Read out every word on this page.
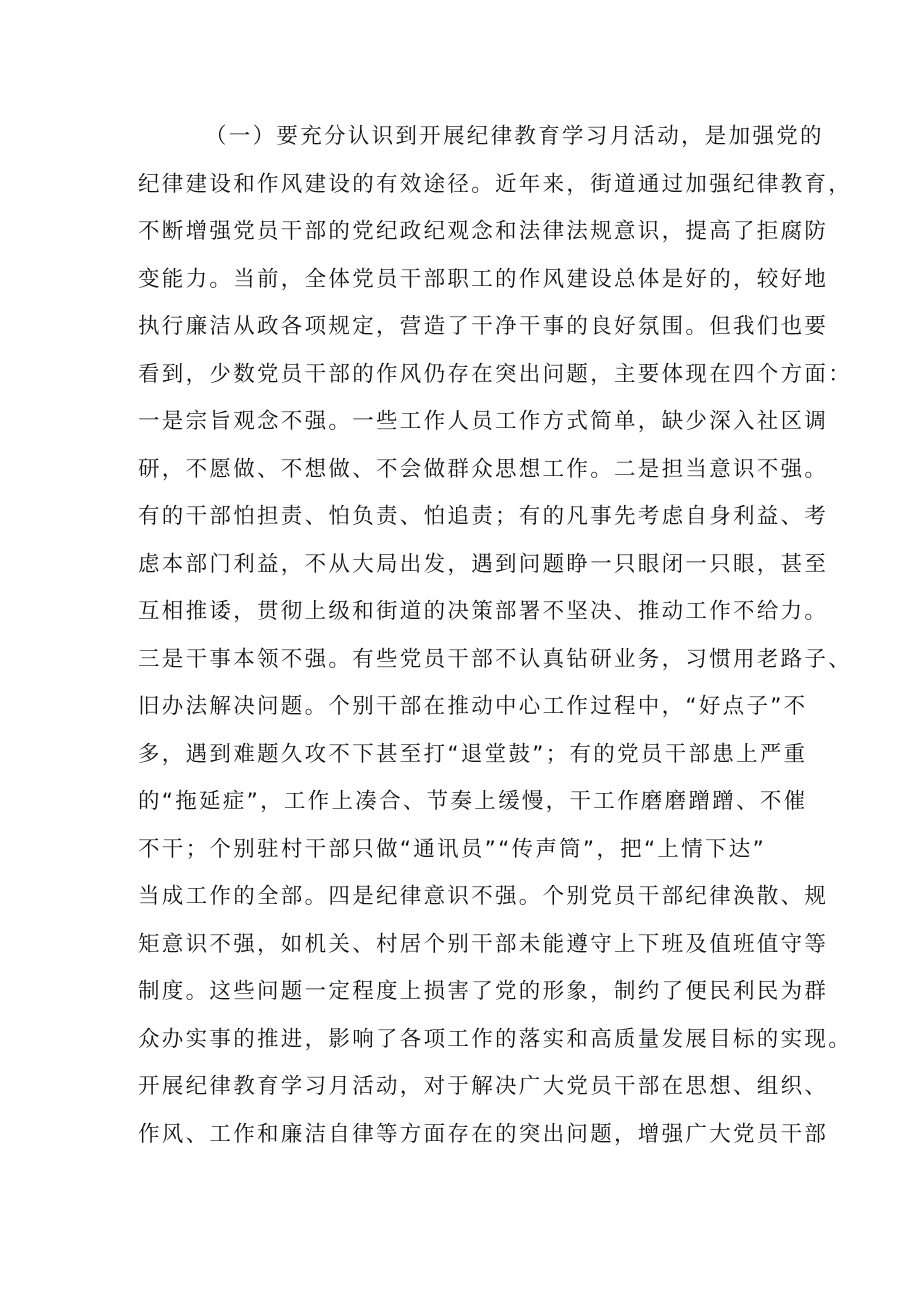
（一）要充分认识到开展纪律教育学习月活动，是加强党的
纪律建设和作风建设的有效途径。近年来，街道通过加强纪律教育，
不断增强党员干部的党纪政纪观念和法律法规意识，提高了拒腐防
变能力。当前，全体党员干部职工的作风建设总体是好的，较好地
执行廉洁从政各项规定，营造了干净干事的良好氛围。但我们也要
看到，少数党员干部的作风仍存在突出问题，主要体现在四个方面：
一是宗旨观念不强。一些工作人员工作方式简单，缺少深入社区调
研，不愿做、不想做、不会做群众思想工作。二是担当意识不强。
有的干部怕担责、怕负责、怕追责；有的凡事先考虑自身利益、考
虑本部门利益，不从大局出发，遇到问题睁一只眼闭一只眼，甚至
互相推诿，贯彻上级和街道的决策部署不坚决、推动工作不给力。
三是干事本领不强。有些党员干部不认真钻研业务，习惯用老路子、
旧办法解决问题。个别干部在推动中心工作过程中，“好点子”不
多，遇到难题久攻不下甚至打“退堂鼓”；有的党员干部患上严重
的“拖延症”，工作上凑合、节奏上缓慢，干工作磨磨蹭蹭、不催
不干；个别驻村干部只做“通讯员”“传声筒”，把“上情下达”
当成工作的全部。四是纪律意识不强。个别党员干部纪律涣散、规
矩意识不强，如机关、村居个别干部未能遵守上下班及值班值守等
制度。这些问题一定程度上损害了党的形象，制约了便民利民为群
众办实事的推进，影响了各项工作的落实和高质量发展目标的实现。
开展纪律教育学习月活动，对于解决广大党员干部在思想、组织、
作风、工作和廉洁自律等方面存在的突出问题，增强广大党员干部
